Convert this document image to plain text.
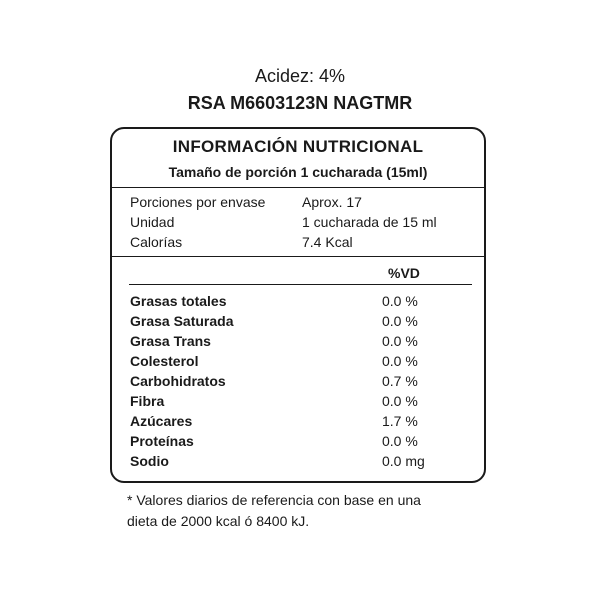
Acidez: 4%
RSA M6603123N NAGTMR
INFORMACIÓN NUTRICIONAL
Tamaño de porción 1 cucharada (15ml)
Porciones por envase	Aprox. 17
Unidad	1 cucharada de 15 ml
Calorías	7.4 Kcal
%VD
Grasas totales	0.0 %
Grasa Saturada	0.0 %
Grasa Trans	0.0 %
Colesterol	0.0 %
Carbohidratos	0.7 %
Fibra	0.0 %
Azúcares	1.7 %
Proteínas	0.0 %
Sodio	0.0 mg
* Valores diarios de referencia con base en una
dieta de 2000 kcal ó 8400 kJ.
